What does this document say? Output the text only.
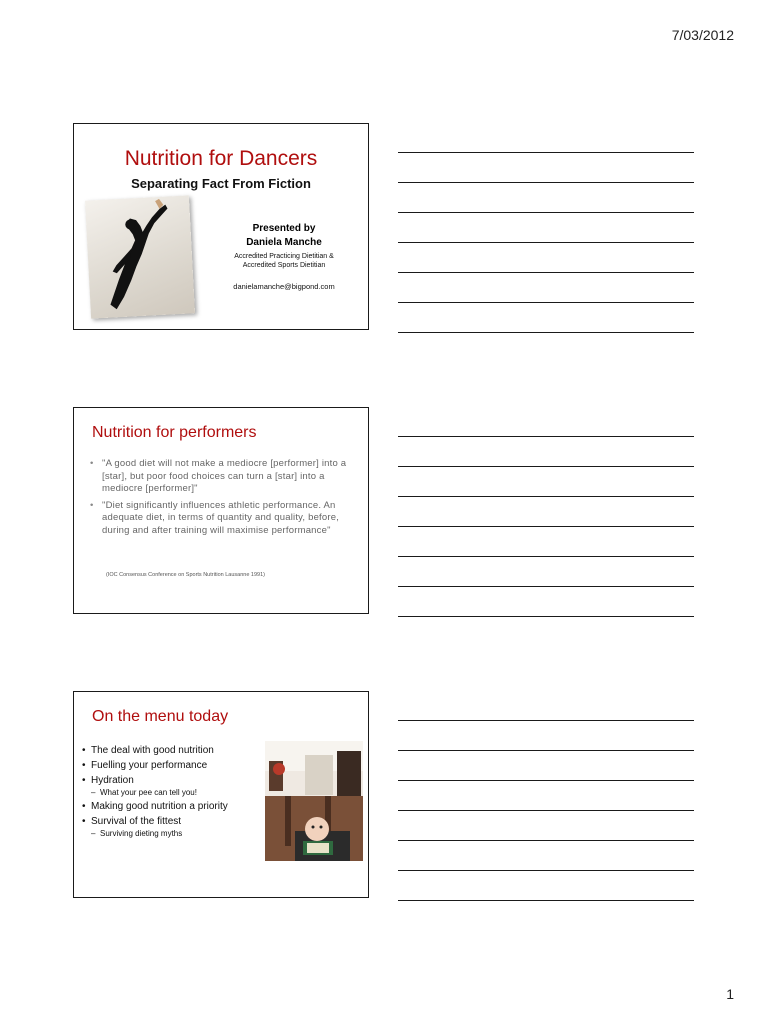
7/03/2012
Nutrition for Dancers
Separating Fact From Fiction
Presented by
Daniela Manche
Accredited Practicing Dietitian &
Accredited Sports Dietitian
danielamanche@bigpond.com
Nutrition for performers
• "A good diet will not make a mediocre [performer] into a [star], but poor food choices can turn a [star] into a mediocre [performer]"
• "Diet significantly influences athletic performance. An adequate diet, in terms of quantity and quality, before, during and after training will maximise performance"
(IOC Consensus Conference on Sports Nutrition Lausanne 1991)
On the menu today
• The deal with good nutrition
• Fuelling your performance
• Hydration
– What your pee can tell you!
• Making good nutrition a priority
• Survival of the fittest
– Surviving dieting myths
1
